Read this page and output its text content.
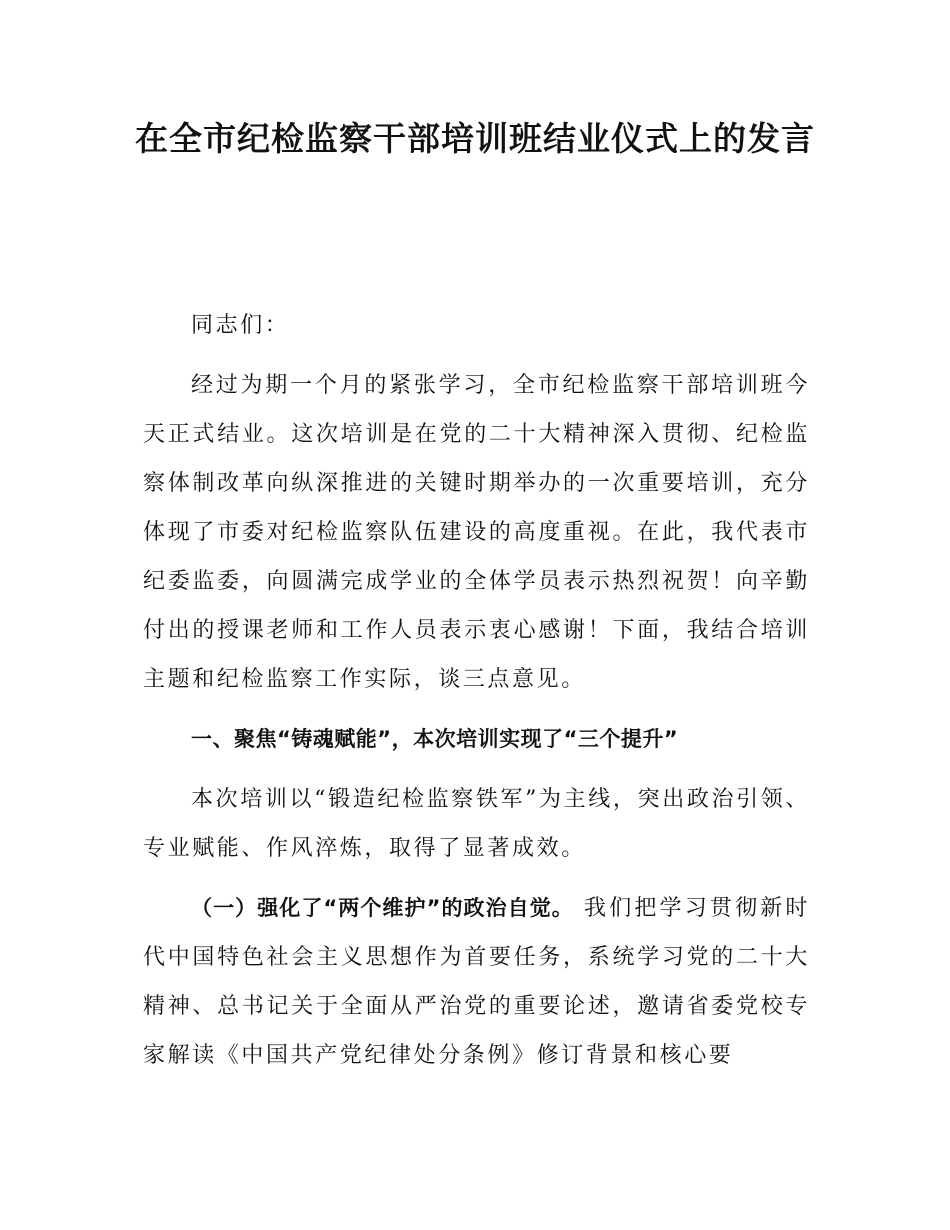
在全市纪检监察干部培训班结业仪式上的发言

同志们：

经过为期一个月的紧张学习，全市纪检监察干部培训班今天正式结业。这次培训是在党的二十大精神深入贯彻、纪检监察体制改革向纵深推进的关键时期举办的一次重要培训，充分体现了市委对纪检监察队伍建设的高度重视。在此，我代表市纪委监委，向圆满完成学业的全体学员表示热烈祝贺！向辛勤付出的授课老师和工作人员表示衷心感谢！下面，我结合培训主题和纪检监察工作实际，谈三点意见。

一、聚焦“铸魂赋能”，本次培训实现了“三个提升”

本次培训以“锻造纪检监察铁军”为主线，突出政治引领、专业赋能、作风淬炼，取得了显著成效。

（一）强化了“两个维护”的政治自觉。 我们把学习贯彻新时代中国特色社会主义思想作为首要任务，系统学习党的二十大精神、总书记关于全面从严治党的重要论述，邀请省委党校专家解读《中国共产党纪律处分条例》修订背景和核心要
